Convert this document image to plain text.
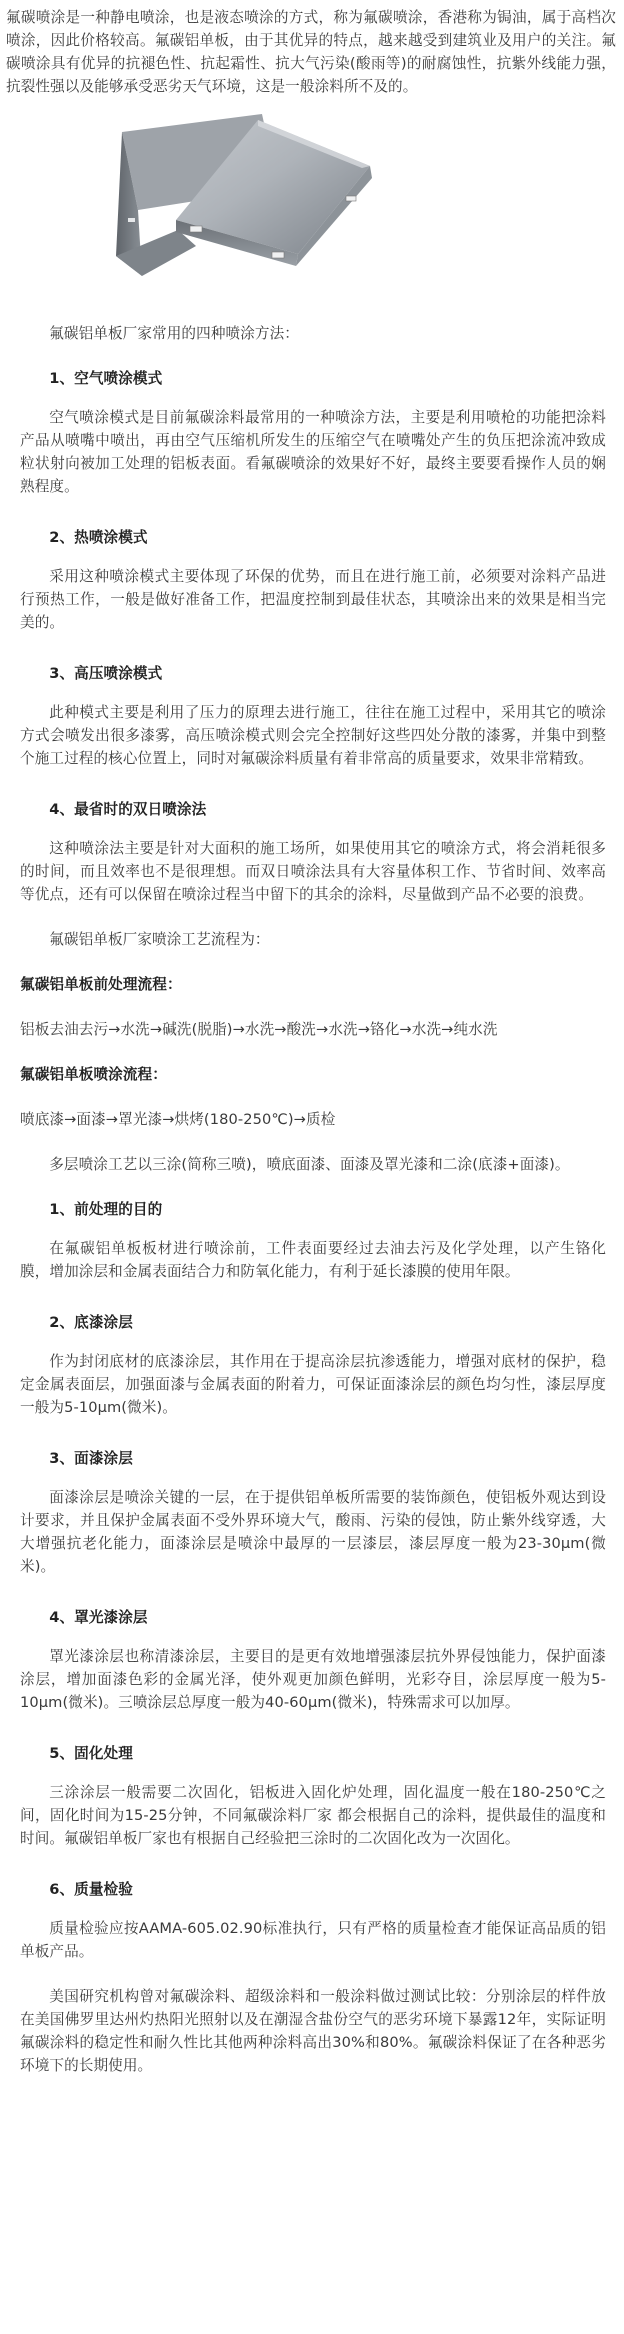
氟碳喷涂是一种静电喷涂，也是液态喷涂的方式，称为氟碳喷涂，香港称为锔油，属于高档次喷涂，因此价格较高。氟碳铝单板，由于其优异的特点，越来越受到建筑业及用户的关注。氟碳喷涂具有优异的抗褪色性、抗起霜性、抗大气污染(酸雨等)的耐腐蚀性，抗紫外线能力强，抗裂性强以及能够承受恶劣天气环境，这是一般涂料所不及的。

氟碳铝单板厂家常用的四种喷涂方法：

1、空气喷涂模式

空气喷涂模式是目前氟碳涂料最常用的一种喷涂方法，主要是利用喷枪的功能把涂料产品从喷嘴中喷出，再由空气压缩机所发生的压缩空气在喷嘴处产生的负压把涂流冲致成粒状射向被加工处理的铝板表面。看氟碳喷涂的效果好不好，最终主要要看操作人员的娴熟程度。

2、热喷涂模式

采用这种喷涂模式主要体现了环保的优势，而且在进行施工前，必须要对涂料产品进行预热工作，一般是做好准备工作，把温度控制到最佳状态，其喷涂出来的效果是相当完美的。

3、高压喷涂模式

此种模式主要是利用了压力的原理去进行施工，往往在施工过程中，采用其它的喷涂方式会喷发出很多漆雾，高压喷涂模式则会完全控制好这些四处分散的漆雾，并集中到整个施工过程的核心位置上，同时对氟碳涂料质量有着非常高的质量要求，效果非常精致。

4、最省时的双日喷涂法

这种喷涂法主要是针对大面积的施工场所，如果使用其它的喷涂方式，将会消耗很多的时间，而且效率也不是很理想。而双日喷涂法具有大容量体积工作、节省时间、效率高等优点，还有可以保留在喷涂过程当中留下的其余的涂料，尽量做到产品不必要的浪费。

氟碳铝单板厂家喷涂工艺流程为：

氟碳铝单板前处理流程：

铝板去油去污→水洗→碱洗(脱脂)→水洗→酸洗→水洗→铬化→水洗→纯水洗

氟碳铝单板喷涂流程：

喷底漆→面漆→罩光漆→烘烤(180-250℃)→质检

多层喷涂工艺以三涂(简称三喷)，喷底面漆、面漆及罩光漆和二涂(底漆+面漆)。

1、前处理的目的

在氟碳铝单板板材进行喷涂前，工件表面要经过去油去污及化学处理，以产生铬化膜，增加涂层和金属表面结合力和防氧化能力，有利于延长漆膜的使用年限。

2、底漆涂层

作为封闭底材的底漆涂层，其作用在于提高涂层抗渗透能力，增强对底材的保护，稳定金属表面层，加强面漆与金属表面的附着力，可保证面漆涂层的颜色均匀性，漆层厚度一般为5-10μm(微米)。

3、面漆涂层

面漆涂层是喷涂关键的一层，在于提供铝单板所需要的装饰颜色，使铝板外观达到设计要求，并且保护金属表面不受外界环境大气，酸雨、污染的侵蚀，防止紫外线穿透，大大增强抗老化能力，面漆涂层是喷涂中最厚的一层漆层，漆层厚度一般为23-30μm(微米)。

4、罩光漆涂层

罩光漆涂层也称清漆涂层，主要目的是更有效地增强漆层抗外界侵蚀能力，保护面漆涂层，增加面漆色彩的金属光泽，使外观更加颜色鲜明，光彩夺目，涂层厚度一般为5-10μm(微米)。三喷涂层总厚度一般为40-60μm(微米)，特殊需求可以加厚。

5、固化处理

三涂涂层一般需要二次固化，铝板进入固化炉处理，固化温度一般在180-250℃之间，固化时间为15-25分钟，不同氟碳涂料厂家 都会根据自己的涂料，提供最佳的温度和时间。氟碳铝单板厂家也有根据自己经验把三涂时的二次固化改为一次固化。

6、质量检验

质量检验应按AAMA-605.02.90标准执行，只有严格的质量检查才能保证高品质的铝单板产品。

美国研究机构曾对氟碳涂料、超级涂料和一般涂料做过测试比较：分别涂层的样件放在美国佛罗里达州灼热阳光照射以及在潮湿含盐份空气的恶劣环境下暴露12年，实际证明氟碳涂料的稳定性和耐久性比其他两种涂料高出30%和80%。氟碳涂料保证了在各种恶劣环境下的长期使用。
